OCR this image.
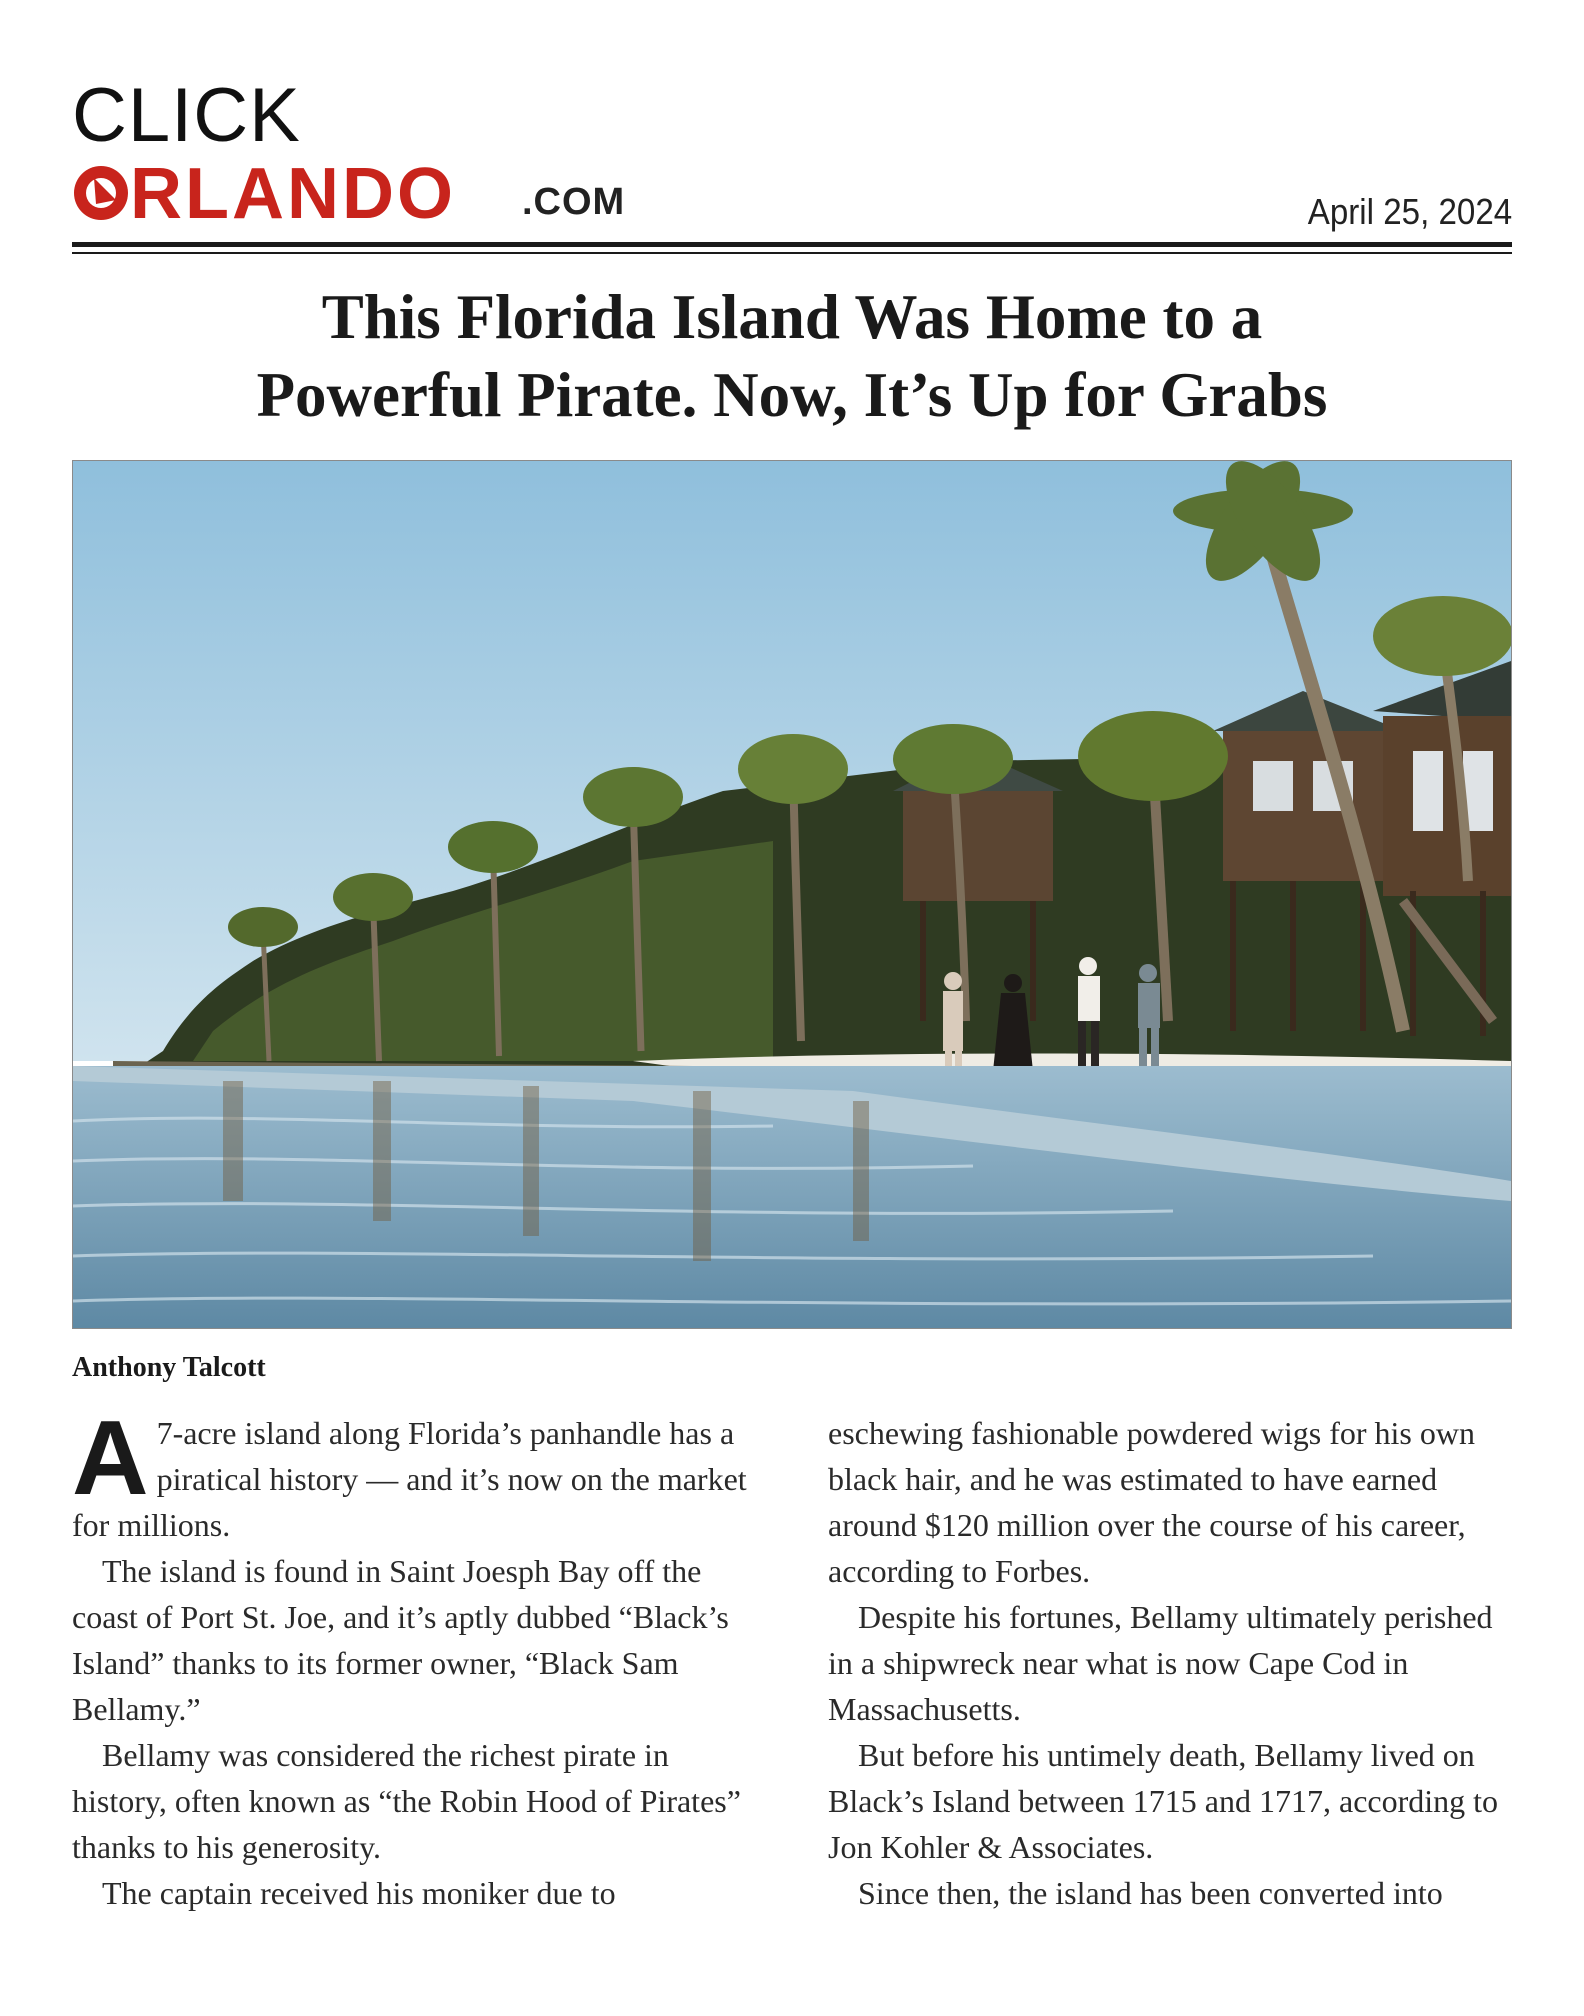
CLICK
RLANDO .COM	April 25, 2024
This Florida Island Was Home to a
Powerful Pirate. Now, It’s Up for Grabs
Anthony Talcott

A 7-acre island along Florida’s panhandle has a piratical history — and it’s now on the market for millions.

The island is found in Saint Joesph Bay off the coast of Port St. Joe, and it’s aptly dubbed “Black’s Island” thanks to its former owner, “Black Sam Bellamy.”

Bellamy was considered the richest pirate in history, often known as “the Robin Hood of Pirates” thanks to his generosity.

The captain received his moniker due to

eschewing fashionable powdered wigs for his own black hair, and he was estimated to have earned around $120 million over the course of his career, according to Forbes.

Despite his fortunes, Bellamy ultimately perished in a shipwreck near what is now Cape Cod in Massachusetts.

But before his untimely death, Bellamy lived on Black’s Island between 1715 and 1717, according to Jon Kohler & Associates.

Since then, the island has been converted into
